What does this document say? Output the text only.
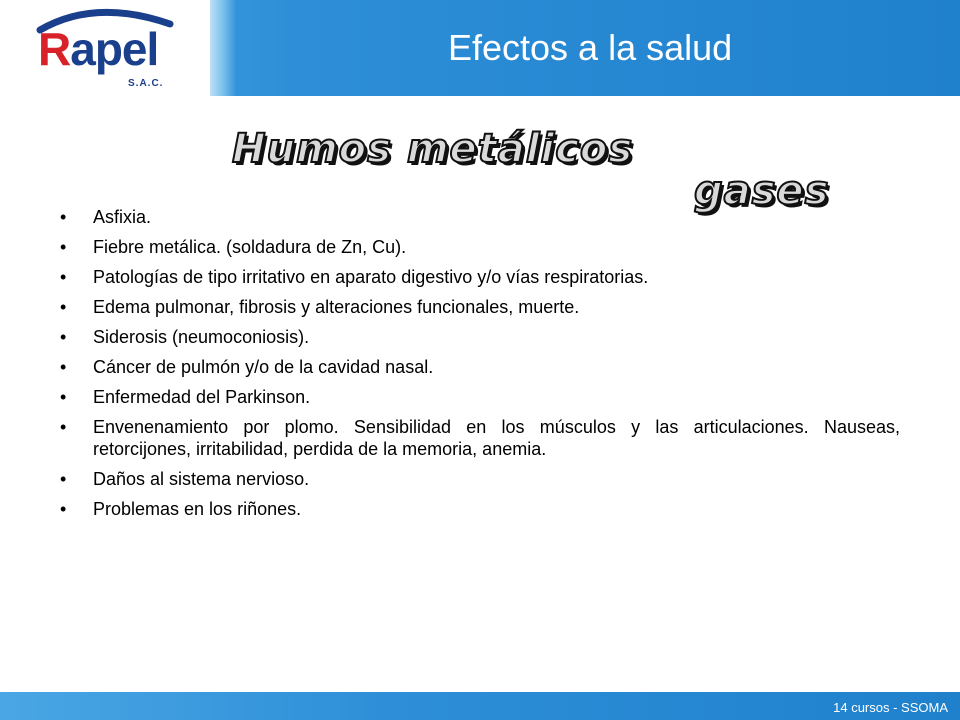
Rapel
S.A.C.
Efectos a la salud
Humos metálicos
gases
• Asfixia.
• Fiebre metálica. (soldadura de Zn, Cu).
• Patologías de tipo irritativo en aparato digestivo y/o vías respiratorias.
• Edema pulmonar, fibrosis y alteraciones funcionales, muerte.
• Siderosis (neumoconiosis).
• Cáncer de pulmón y/o de la cavidad nasal.
• Enfermedad del Parkinson.
• Envenenamiento por plomo. Sensibilidad en los músculos y las articulaciones. Nauseas, retorcijones, irritabilidad, perdida de la memoria, anemia.
• Daños al sistema nervioso.
• Problemas en los riñones.
14 cursos - SSOMA
